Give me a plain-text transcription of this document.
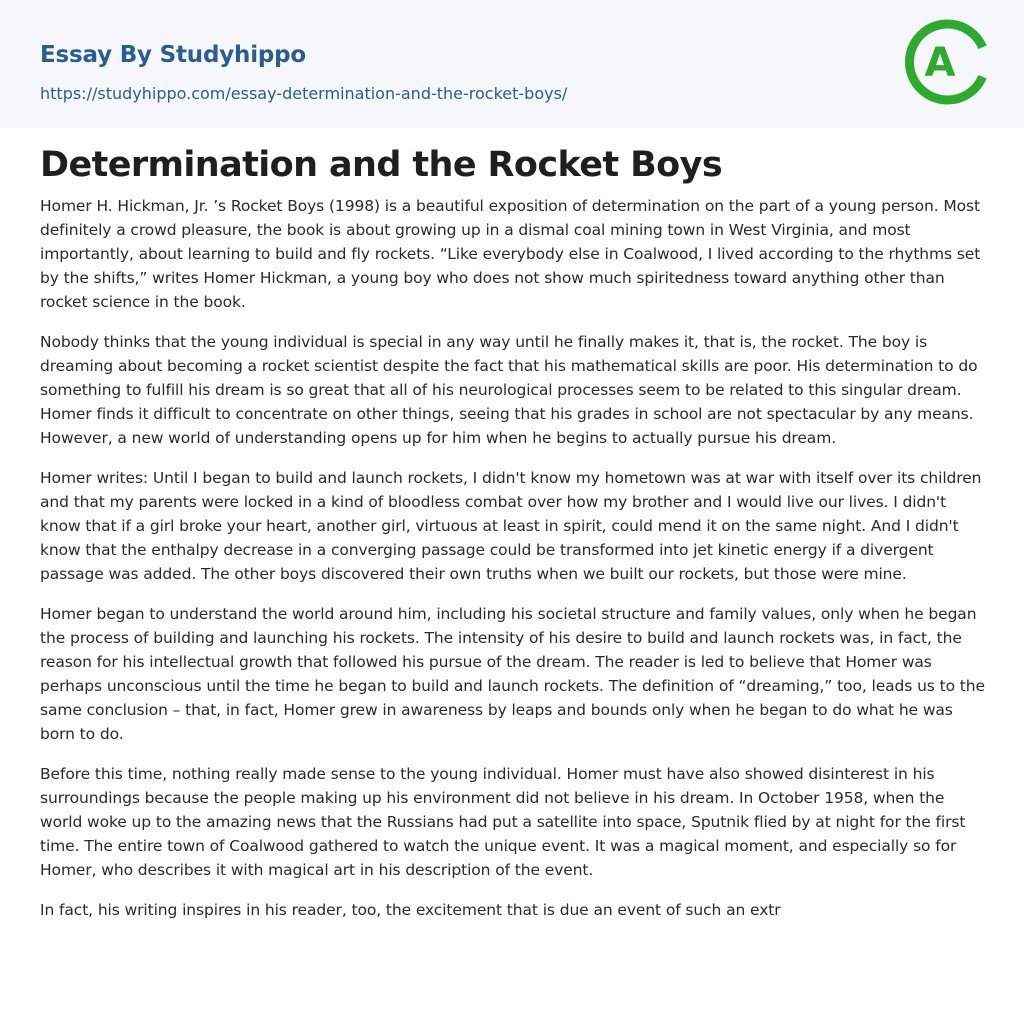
Essay By Studyhippo
https://studyhippo.com/essay-determination-and-the-rocket-boys/
A
Determination and the Rocket Boys

Homer H. Hickman, Jr. ’s Rocket Boys (1998) is a beautiful exposition of determination on the part of a young person. Most definitely a crowd pleasure, the book is about growing up in a dismal coal mining town in West Virginia, and most importantly, about learning to build and fly rockets. “Like everybody else in Coalwood, I lived according to the rhythms set by the shifts,” writes Homer Hickman, a young boy who does not show much spiritedness toward anything other than rocket science in the book.

Nobody thinks that the young individual is special in any way until he finally makes it, that is, the rocket. The boy is dreaming about becoming a rocket scientist despite the fact that his mathematical skills are poor. His determination to do something to fulfill his dream is so great that all of his neurological processes seem to be related to this singular dream. Homer finds it difficult to concentrate on other things, seeing that his grades in school are not spectacular by any means. However, a new world of understanding opens up for him when he begins to actually pursue his dream.

Homer writes: Until I began to build and launch rockets, I didn't know my hometown was at war with itself over its children and that my parents were locked in a kind of bloodless combat over how my brother and I would live our lives. I didn't know that if a girl broke your heart, another girl, virtuous at least in spirit, could mend it on the same night. And I didn't know that the enthalpy decrease in a converging passage could be transformed into jet kinetic energy if a divergent passage was added. The other boys discovered their own truths when we built our rockets, but those were mine.

Homer began to understand the world around him, including his societal structure and family values, only when he began the process of building and launching his rockets. The intensity of his desire to build and launch rockets was, in fact, the reason for his intellectual growth that followed his pursue of the dream. The reader is led to believe that Homer was perhaps unconscious until the time he began to build and launch rockets. The definition of “dreaming,” too, leads us to the same conclusion – that, in fact, Homer grew in awareness by leaps and bounds only when he began to do what he was born to do.

Before this time, nothing really made sense to the young individual. Homer must have also showed disinterest in his surroundings because the people making up his environment did not believe in his dream. In October 1958, when the world woke up to the amazing news that the Russians had put a satellite into space, Sputnik flied by at night for the first time. The entire town of Coalwood gathered to watch the unique event. It was a magical moment, and especially so for Homer, who describes it with magical art in his description of the event.

In fact, his writing inspires in his reader, too, the excitement that is due an event of such an extr
